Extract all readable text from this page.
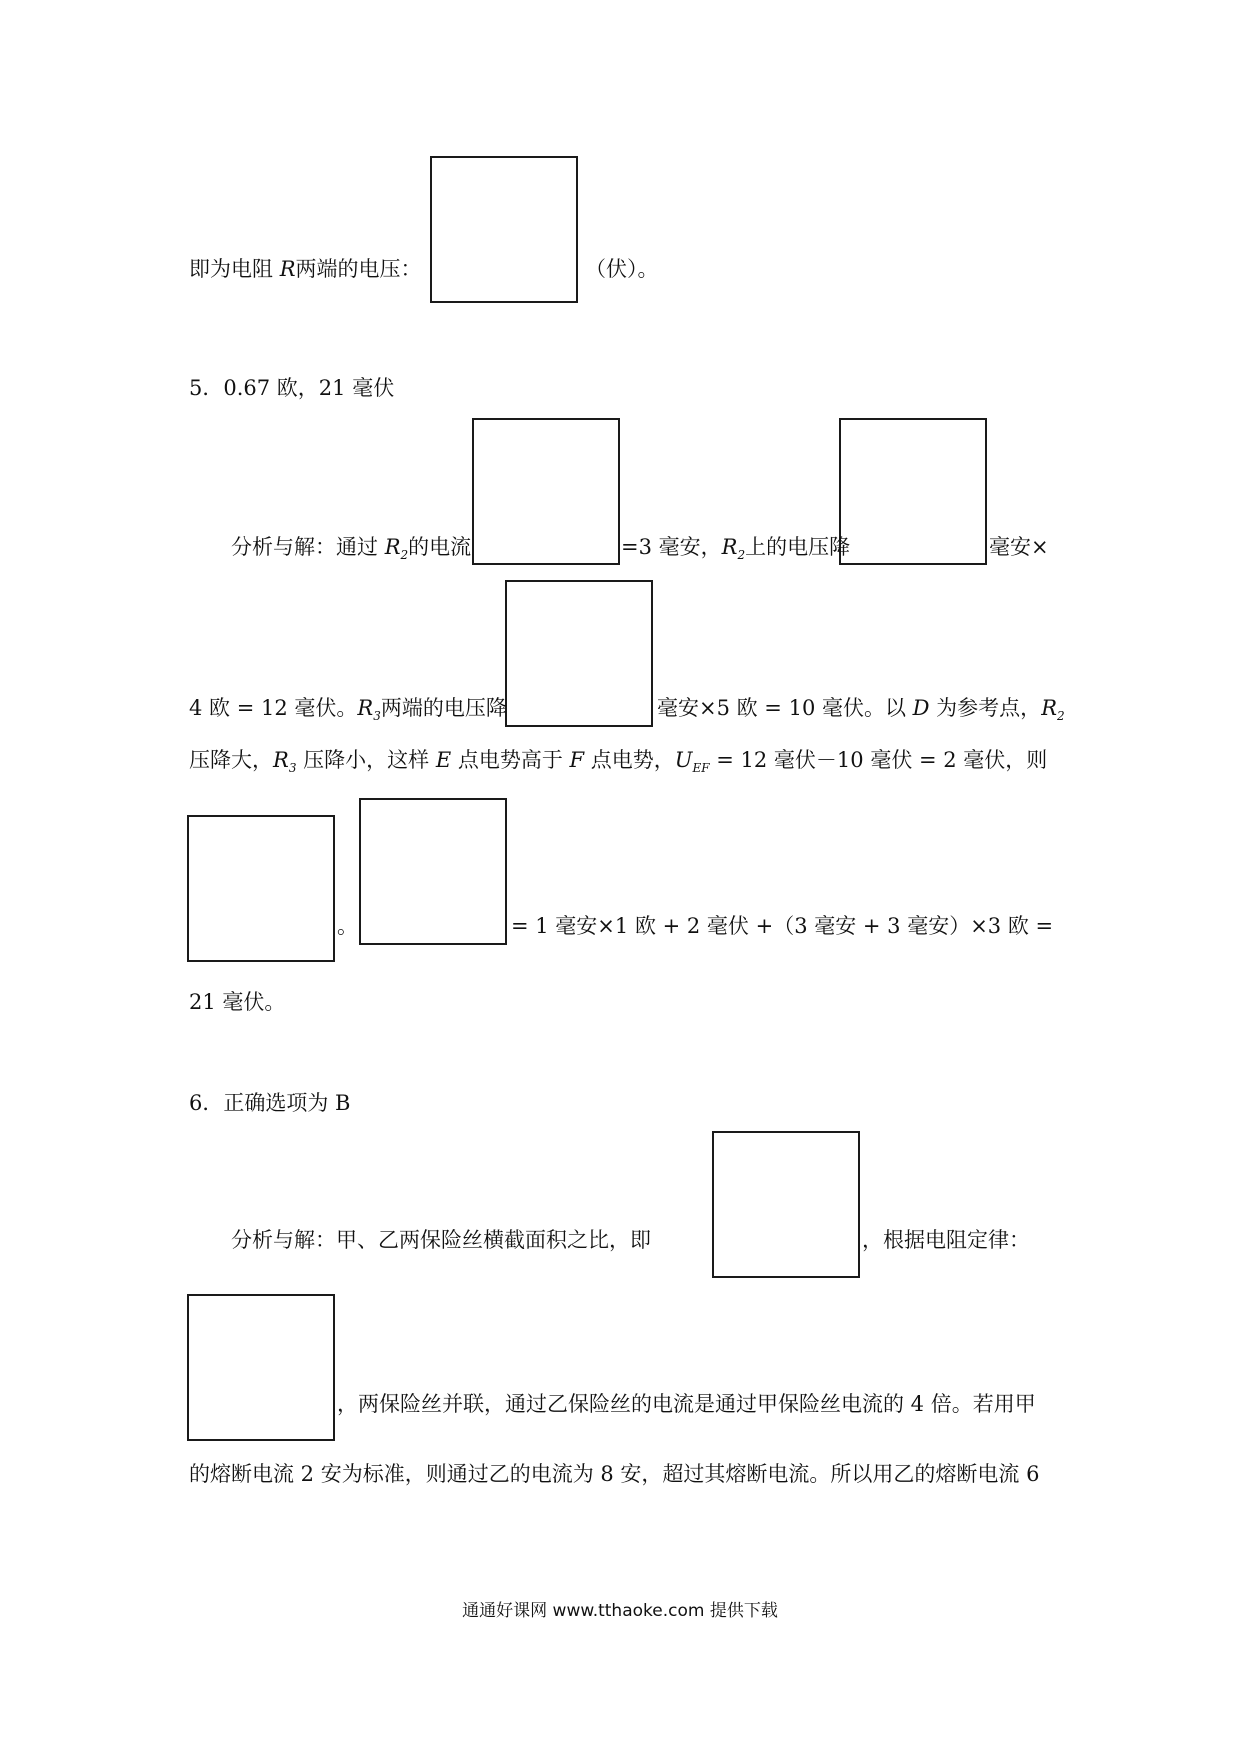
即为电阻 R两端的电压：	（伏）。
5．0.67 欧，21 毫伏
分析与解：通过 $R_2$的电流	=3 毫安，$R_2$上的电压降	毫安×
4 欧 = 12 毫伏。$R_3$两端的电压降	毫安×5 欧 = 10 毫伏。以 D 为参考点，$R_2$
压降大，$R_3$ 压降小，这样 E 点电势高于 F 点电势，$U_{EF} = 12$ 毫伏－10 毫伏 = 2 毫伏，则
。	= 1 毫安×1 欧 + 2 毫伏 +（3 毫安 + 3 毫安）×3 欧 =
21 毫伏。
6．正确选项为 B
分析与解：甲、乙两保险丝横截面积之比，即	，根据电阻定律：
，两保险丝并联，通过乙保险丝的电流是通过甲保险丝电流的 4 倍。若用甲
的熔断电流 2 安为标准，则通过乙的电流为 8 安，超过其熔断电流。所以用乙的熔断电流 6
通通好课网 www.tthaoke.com 提供下载
